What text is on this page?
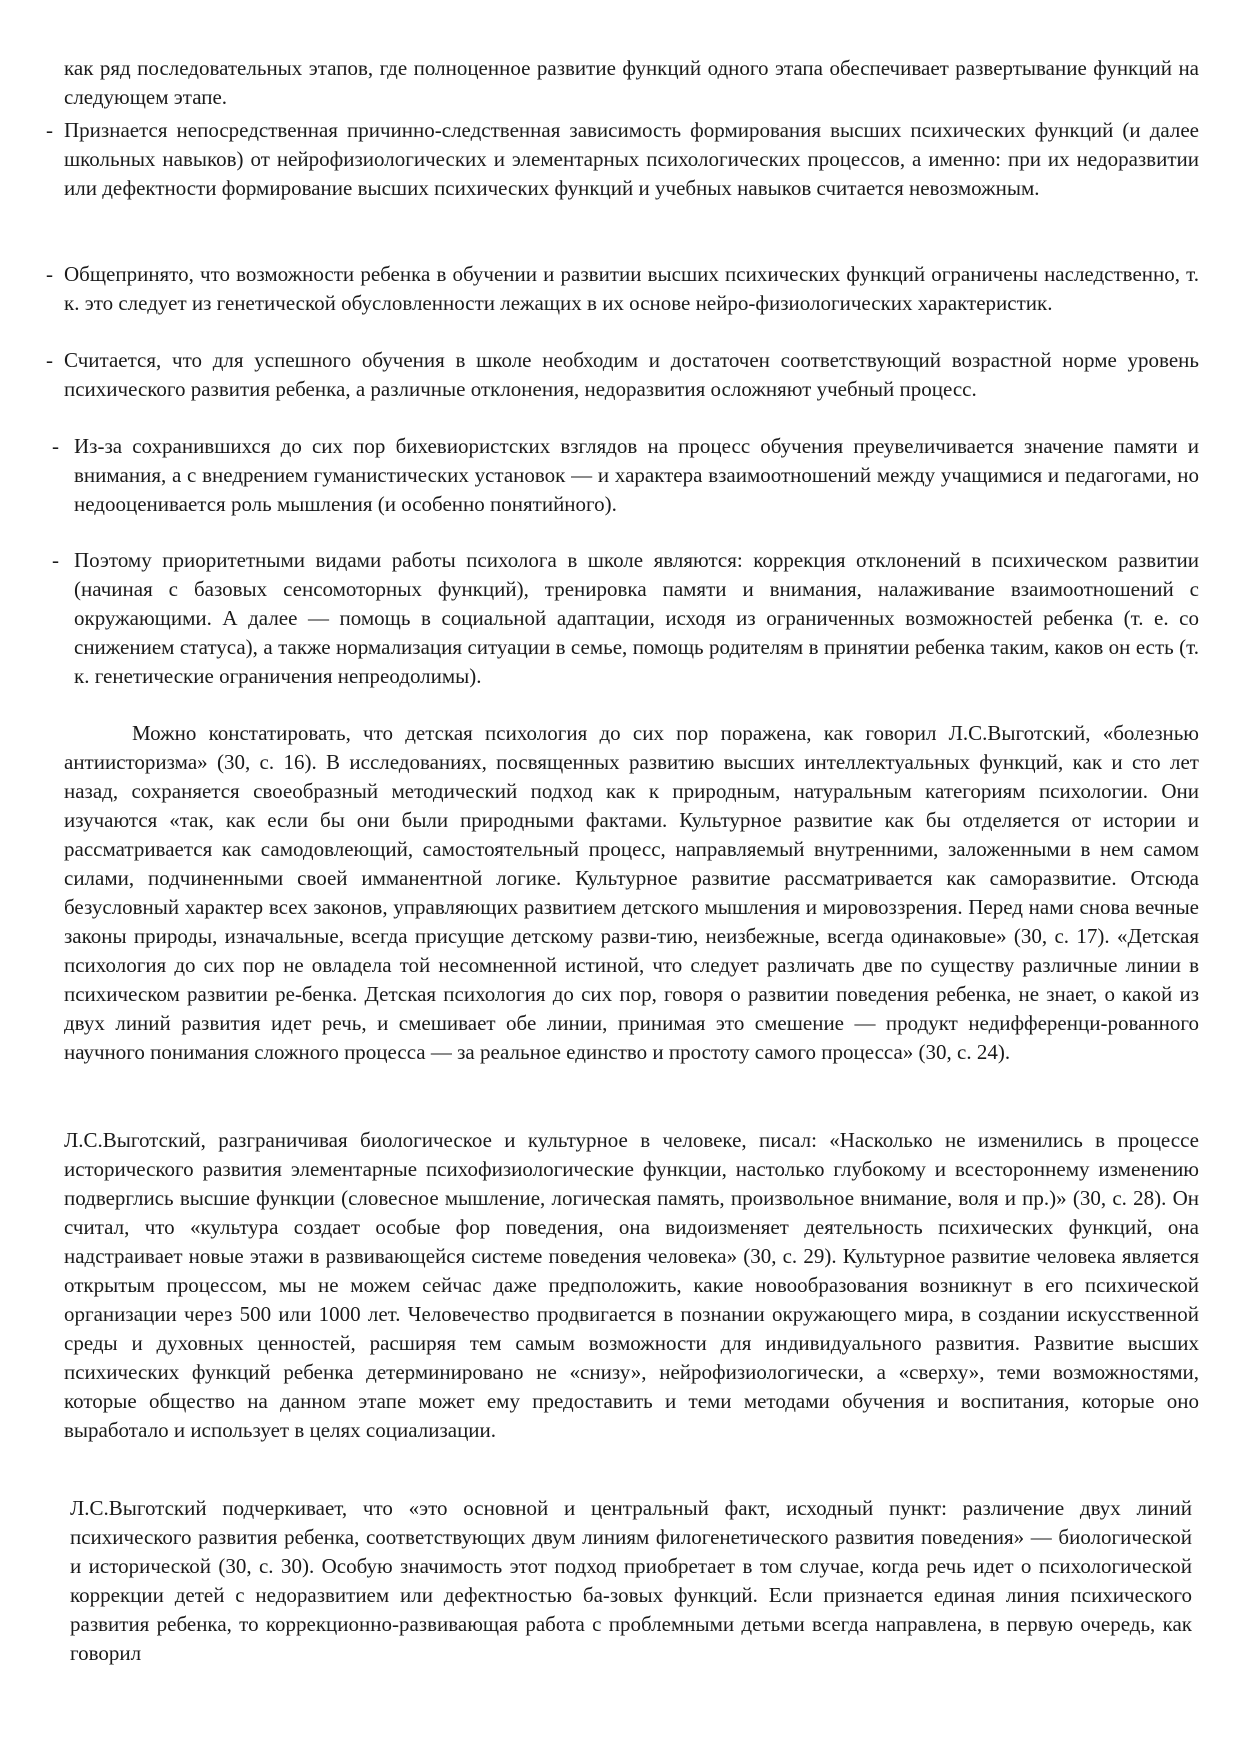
как ряд последовательных этапов, где полноценное развитие функций одного этапа обеспечивает развертывание функций на следующем этапе.
- Признается непосредственная причинно-следственная зависимость формирования высших психических функций (и далее школьных навыков) от нейрофизиологических и элементарных психологических процессов, а именно: при их недоразвитии или дефектности формирование высших психических функций и учебных навыков считается невозможным.
- Общепринято, что возможности ребенка в обучении и развитии высших психических функций ограничены наследственно, т. к. это следует из генетической обусловленности лежащих в их основе нейро-физиологических характеристик.
- Считается, что для успешного обучения в школе необходим и достаточен соответствующий возрастной норме уровень психического развития ребенка, а различные отклонения, недоразвития осложняют учебный процесс.
- Из-за сохранившихся до сих пор бихевиористских взглядов на процесс обучения преувеличивается значение памяти и внимания, а с внедрением гуманистических установок — и характера взаимоотношений между учащимися и педагогами, но недооценивается роль мышления (и особенно понятийного).
- Поэтому приоритетными видами работы психолога в школе являются: коррекция отклонений в психическом развитии (начиная с базовых сенсомоторных функций), тренировка памяти и внимания, налаживание взаимоотношений с окружающими. А далее — помощь в социальной адаптации, исходя из ограниченных возможностей ребенка (т. е. со снижением статуса), а также нормализация ситуации в семье, помощь родителям в принятии ребенка таким, каков он есть (т. к. генетические ограничения непреодолимы).
Можно констатировать, что детская психология до сих пор поражена, как говорил Л.С.Выготский, «болезнью антиисторизма» (30, с. 16). В исследованиях, посвященных развитию высших интеллектуальных функций, как и сто лет назад, сохраняется своеобразный методический подход как к природным, натуральным категориям психологии. Они изучаются «так, как если бы они были природными фактами. Культурное развитие как бы отделяется от истории и рассматривается как самодовлеющий, самостоятельный процесс, направляемый внутренними, заложенными в нем самом силами, подчиненными своей имманентной логике. Культурное развитие рассматривается как саморазвитие. Отсюда безусловный характер всех законов, управляющих развитием детского мышления и мировоззрения. Перед нами снова вечные законы природы, изначальные, всегда присущие детскому разви-тию, неизбежные, всегда одинаковые» (30, с. 17). «Детская психология до сих пор не овладела той несомненной истиной, что следует различать две по существу различные линии в психическом развитии ре-бенка. Детская психология до сих пор, говоря о развитии поведения ребенка, не знает, о какой из двух линий развития идет речь, и смешивает обе линии, принимая это смешение — продукт недифференци-рованного научного понимания сложного процесса — за реальное единство и простоту самого процесса» (30, с. 24).
Л.С.Выготский, разграничивая биологическое и культурное в человеке, писал: «Насколько не изменились в процессе исторического развития элементарные психофизиологические функции, настолько глубокому и всестороннему изменению подверглись высшие функции (словесное мышление, логическая память, произвольное внимание, воля и пр.)» (30, с. 28). Он считал, что «культура создает особые фор поведения, она видоизменяет деятельность психических функций, она надстраивает новые этажи в развивающейся системе поведения человека» (30, с. 29). Культурное развитие человека является открытым процессом, мы не можем сейчас даже предположить, какие новообразования возникнут в его психической организации через 500 или 1000 лет. Человечество продвигается в познании окружающего мира, в создании искусственной среды и духовных ценностей, расширяя тем самым возможности для индивидуального развития. Развитие высших психических функций ребенка детерминировано не «снизу», нейрофизиологически, а «сверху», теми возможностями, которые общество на данном этапе может ему предоставить и теми методами обучения и воспитания, которые оно выработало и использует в целях социализации.
Л.С.Выготский подчеркивает, что «это основной и центральный факт, исходный пункт: различение двух линий психического развития ребенка, соответствующих двум линиям филогенетического развития поведения» — биологической и исторической (30, с. 30). Особую значимость этот подход приобретает в том случае, когда речь идет о психологической коррекции детей с недоразвитием или дефектностью ба-зовых функций. Если признается единая линия психического развития ребенка, то коррекционно-развивающая работа с проблемными детьми всегда направлена, в первую очередь, как говорил
